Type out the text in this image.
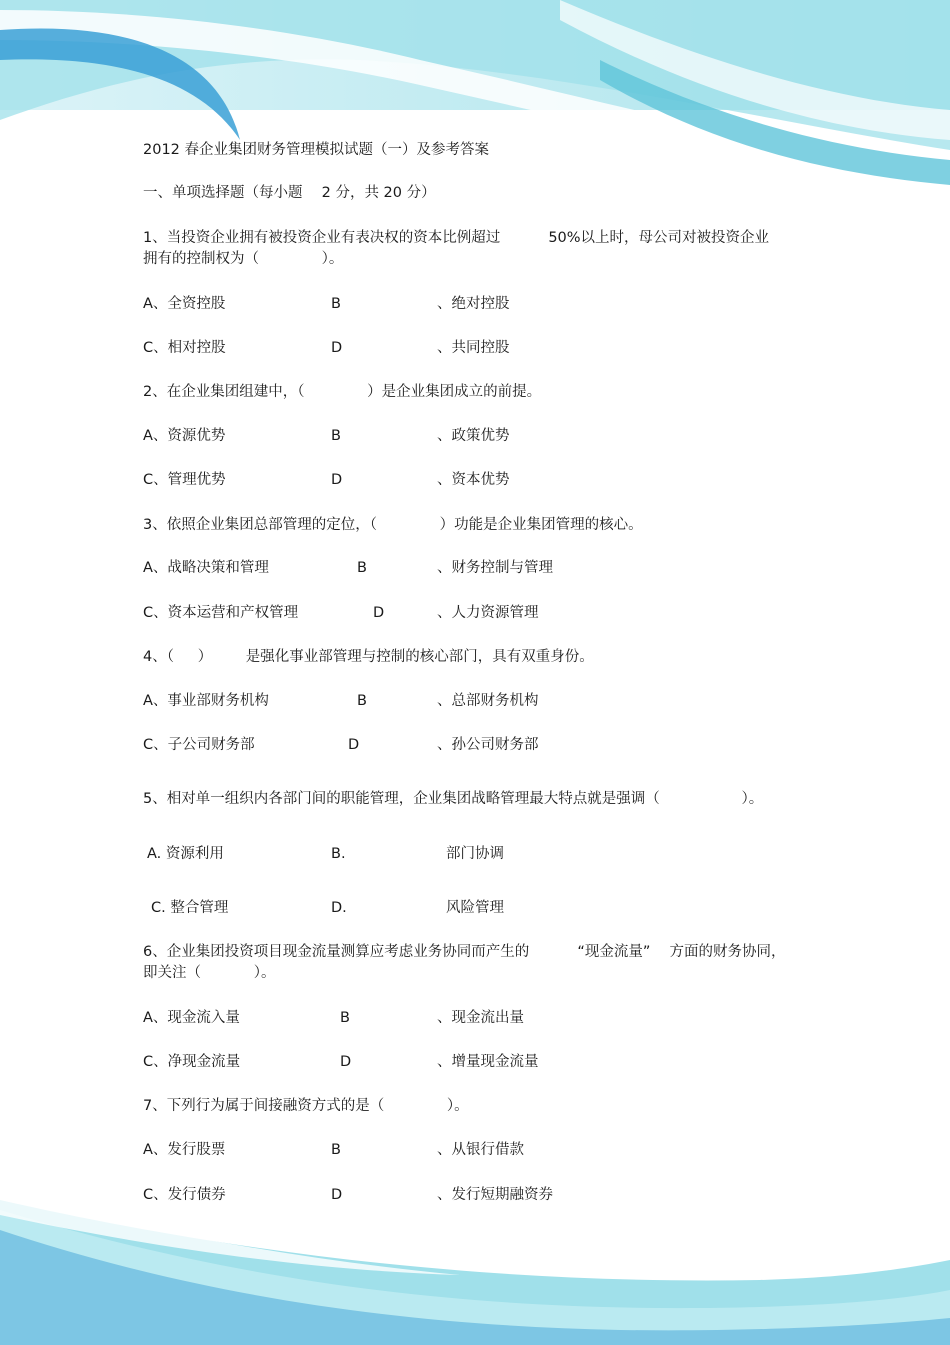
2012 春企业集团财务管理模拟试题（一）及参考答案
一、单项选择题（每小题 　2 分，共 20 分）
1、当投资企业拥有被投资企业有表决权的资本比例超过 　　　50%以上时，母公司对被投资企业
拥有的控制权为（ 　　　　）。
A、全资控股	B	、绝对控股
C、相对控股	D	、共同控股
2、在企业集团组建中，（ 　　　　）是企业集团成立的前提。
A、资源优势	B	、政策优势
C、管理优势	D	、资本优势
3、依照企业集团总部管理的定位，（ 　　　　）功能是企业集团管理的核心。
A、战略决策和管理	B	、财务控制与管理
C、资本运营和产权管理	D	、人力资源管理
4、（ 　 ） 　　是强化事业部管理与控制的核心部门，具有双重身份。
A、事业部财务机构	B	、总部财务机构
C、子公司财务部	D	、孙公司财务部
5、相对单一组织内各部门间的职能管理，企业集团战略管理最大特点就是强调（ 　　　　　 ）。
A. 资源利用	B.	部门协调
C. 整合管理	D.	风险管理
6、企业集团投资项目现金流量测算应考虑业务协同而产生的 　　　“现金流量” 　方面的财务协同，
即关注（ 　　　 ）。
A、现金流入量	B	、现金流出量
C、净现金流量	D	、增量现金流量
7、下列行为属于间接融资方式的是（ 　　　　）。
A、发行股票	B	、从银行借款
C、发行债券	D	、发行短期融资券
